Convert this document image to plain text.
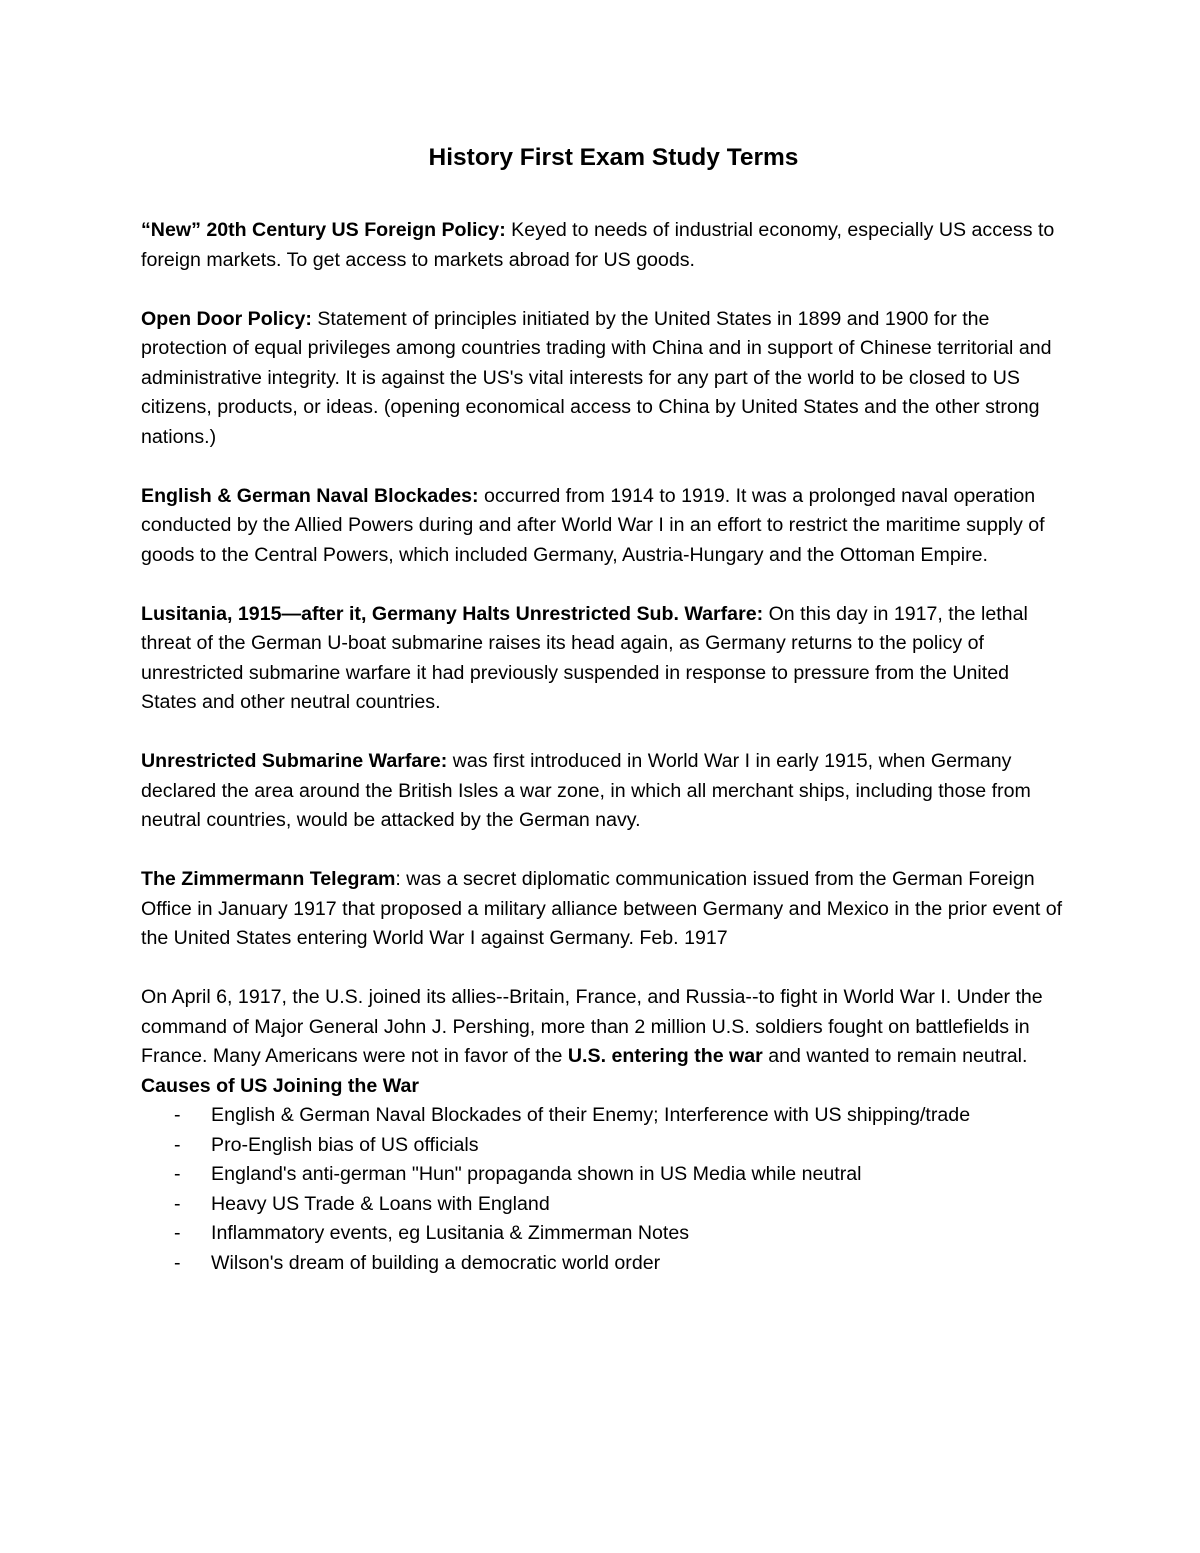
History First Exam Study Terms

“New” 20th Century US Foreign Policy: Keyed to needs of industrial economy, especially US access to foreign markets. To get access to markets abroad for US goods.

Open Door Policy: Statement of principles initiated by the United States in 1899 and 1900 for the protection of equal privileges among countries trading with China and in support of Chinese territorial and administrative integrity. It is against the US's vital interests for any part of the world to be closed to US citizens, products, or ideas. (opening economical access to China by United States and the other strong nations.)

English & German Naval Blockades: occurred from 1914 to 1919. It was a prolonged naval operation conducted by the Allied Powers during and after World War I in an effort to restrict the maritime supply of goods to the Central Powers, which included Germany, Austria-Hungary and the Ottoman Empire.

Lusitania, 1915—after it, Germany Halts Unrestricted Sub. Warfare: On this day in 1917, the lethal threat of the German U-boat submarine raises its head again, as Germany returns to the policy of unrestricted submarine warfare it had previously suspended in response to pressure from the United States and other neutral countries.

Unrestricted Submarine Warfare: was first introduced in World War I in early 1915, when Germany declared the area around the British Isles a war zone, in which all merchant ships, including those from neutral countries, would be attacked by the German navy.

The Zimmermann Telegram: was a secret diplomatic communication issued from the German Foreign Office in January 1917 that proposed a military alliance between Germany and Mexico in the prior event of the United States entering World War I against Germany. Feb. 1917

On April 6, 1917, the U.S. joined its allies--Britain, France, and Russia--to fight in World War I. Under the command of Major General John J. Pershing, more than 2 million U.S. soldiers fought on battlefields in France. Many Americans were not in favor of the U.S. entering the war and wanted to remain neutral.

Causes of US Joining the War

- English & German Naval Blockades of their Enemy; Interference with US shipping/trade
- Pro-English bias of US officials
- England's anti-german "Hun" propaganda shown in US Media while neutral
- Heavy US Trade & Loans with England
- Inflammatory events, eg Lusitania & Zimmerman Notes
- Wilson's dream of building a democratic world order
